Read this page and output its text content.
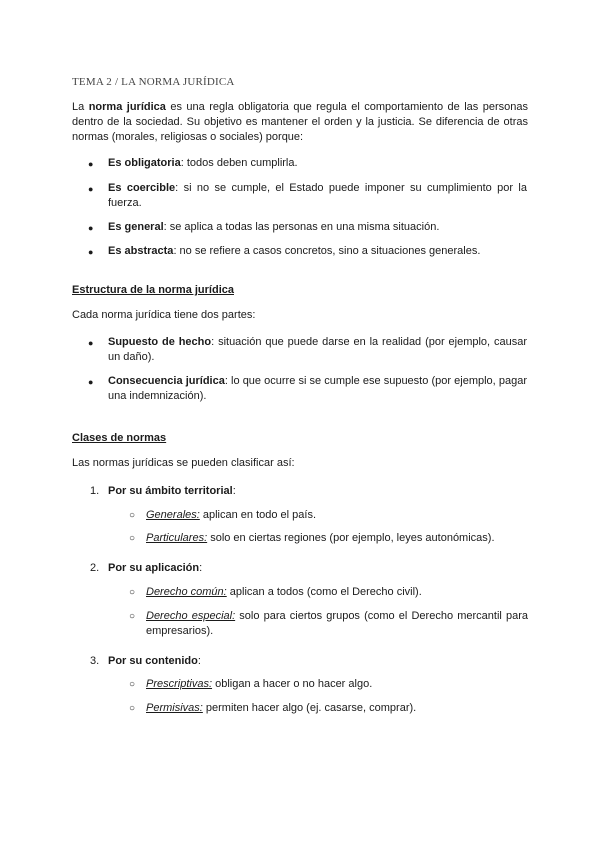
TEMA 2 / LA NORMA JURÍDICA
La norma jurídica es una regla obligatoria que regula el comportamiento de las personas dentro de la sociedad. Su objetivo es mantener el orden y la justicia. Se diferencia de otras normas (morales, religiosas o sociales) porque:
● Es obligatoria: todos deben cumplirla.
● Es coercible: si no se cumple, el Estado puede imponer su cumplimiento por la fuerza.
● Es general: se aplica a todas las personas en una misma situación.
● Es abstracta: no se refiere a casos concretos, sino a situaciones generales.
Estructura de la norma jurídica
Cada norma jurídica tiene dos partes:
● Supuesto de hecho: situación que puede darse en la realidad (por ejemplo, causar un daño).
● Consecuencia jurídica: lo que ocurre si se cumple ese supuesto (por ejemplo, pagar una indemnización).
Clases de normas
Las normas jurídicas se pueden clasificar así:
1. Por su ámbito territorial:
○ Generales: aplican en todo el país.
○ Particulares: solo en ciertas regiones (por ejemplo, leyes autonómicas).
2. Por su aplicación:
○ Derecho común: aplican a todos (como el Derecho civil).
○ Derecho especial: solo para ciertos grupos (como el Derecho mercantil para empresarios).
3. Por su contenido:
○ Prescriptivas: obligan a hacer o no hacer algo.
○ Permisivas: permiten hacer algo (ej. casarse, comprar).
